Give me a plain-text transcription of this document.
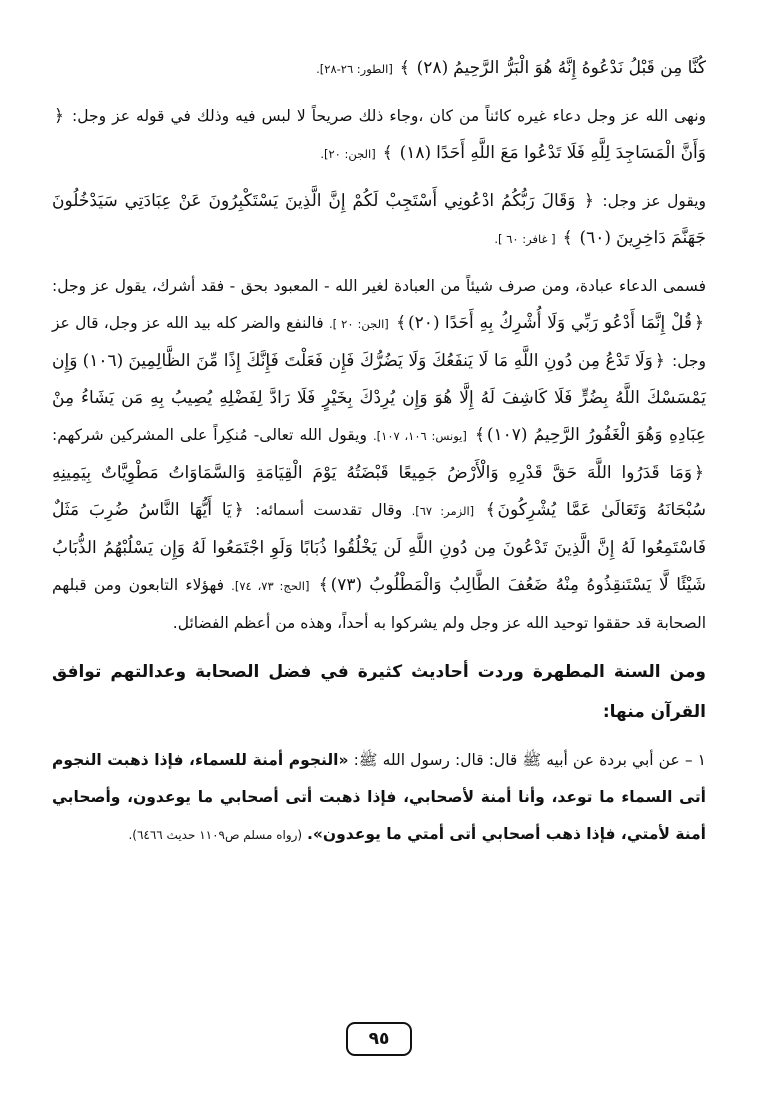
كُنَّا مِن قَبْلُ نَدْعُوهُ إِنَّهُ هُوَ الْبَرُّ الرَّحِيمُ (٢٨) ﴾ [الطور: ٢٦-٢٨].

ونهى الله عز وجل دعاء غيره كائناً من كان ،وجاء ذلك صريحاً لا لبس فيه وذلك في قوله عز وجل: ﴿ وَأَنَّ الْمَسَاجِدَ لِلَّهِ فَلَا تَدْعُوا مَعَ اللَّهِ أَحَدًا (١٨) ﴾ [الجن: ٢٠].

ويقول عز وجل: ﴿ وَقَالَ رَبُّكُمُ ادْعُونِي أَسْتَجِبْ لَكُمْ إِنَّ الَّذِينَ يَسْتَكْبِرُونَ عَنْ عِبَادَتِي سَيَدْخُلُونَ جَهَنَّمَ دَاخِرِينَ (٦٠) ﴾ [ غافر: ٦٠ ].

فسمى الدعاء عبادة، ومن صرف شيئاً من العبادة لغير الله - المعبود بحق - فقد أشرك، يقول عز وجل: ﴿قُلْ إِنَّمَا أَدْعُو رَبِّي وَلَا أُشْرِكُ بِهِ أَحَدًا (٢٠)﴾ [الجن: ٢٠ ]. فالنفع والضر كله بيد الله عز وجل، قال عز وجل: ﴿وَلَا تَدْعُ مِن دُونِ اللَّهِ مَا لَا يَنفَعُكَ وَلَا يَضُرُّكَ فَإِن فَعَلْتَ فَإِنَّكَ إِذًا مِّنَ الظَّالِمِينَ (١٠٦) وَإِن يَمْسَسْكَ اللَّهُ بِضُرٍّ فَلَا كَاشِفَ لَهُ إِلَّا هُوَ وَإِن يُرِدْكَ بِخَيْرٍ فَلَا رَادَّ لِفَضْلِهِ يُصِيبُ بِهِ مَن يَشَاءُ مِنْ عِبَادِهِ وَهُوَ الْغَفُورُ الرَّحِيمُ (١٠٧)﴾ [يونس: ١٠٦، ١٠٧]. ويقول الله تعالى- مُنكِراً على المشركين شركهم: ﴿وَمَا قَدَرُوا اللَّهَ حَقَّ قَدْرِهِ وَالْأَرْضُ جَمِيعًا قَبْضَتُهُ يَوْمَ الْقِيَامَةِ وَالسَّمَاوَاتُ مَطْوِيَّاتٌ بِيَمِينِهِ سُبْحَانَهُ وَتَعَالَىٰ عَمَّا يُشْرِكُونَ﴾ [الزمر: ٦٧]. وقال تقدست أسمائه: ﴿يَا أَيُّهَا النَّاسُ ضُرِبَ مَثَلٌ فَاسْتَمِعُوا لَهُ إِنَّ الَّذِينَ تَدْعُونَ مِن دُونِ اللَّهِ لَن يَخْلُقُوا ذُبَابًا وَلَوِ اجْتَمَعُوا لَهُ وَإِن يَسْلُبْهُمُ الذُّبَابُ شَيْئًا لَّا يَسْتَنقِذُوهُ مِنْهُ ضَعُفَ الطَّالِبُ وَالْمَطْلُوبُ (٧٣)﴾ [الحج: ٧٣، ٧٤]. فهؤلاء التابعون ومن قبلهم الصحابة قد حققوا توحيد الله عز وجل ولم يشركوا به أحداً، وهذه من أعظم الفضائل.

ومن السنة المطهرة وردت أحاديث كثيرة في فضل الصحابة وعدالتهم توافق القرآن منها:

١ – عن أبي بردة عن أبيه ﷺ قال: قال: رسول الله ﷺ: «النجوم أمنة للسماء، فإذا ذهبت النجوم أتى السماء ما توعد، وأنا أمنة لأصحابي، فإذا ذهبت أتى أصحابي ما يوعدون، وأصحابي أمنة لأمتي، فإذا ذهب أصحابي أتى أمتي ما يوعدون». (رواه مسلم ص١١٠٩ حديث ٦٤٦٦).

٩٥
